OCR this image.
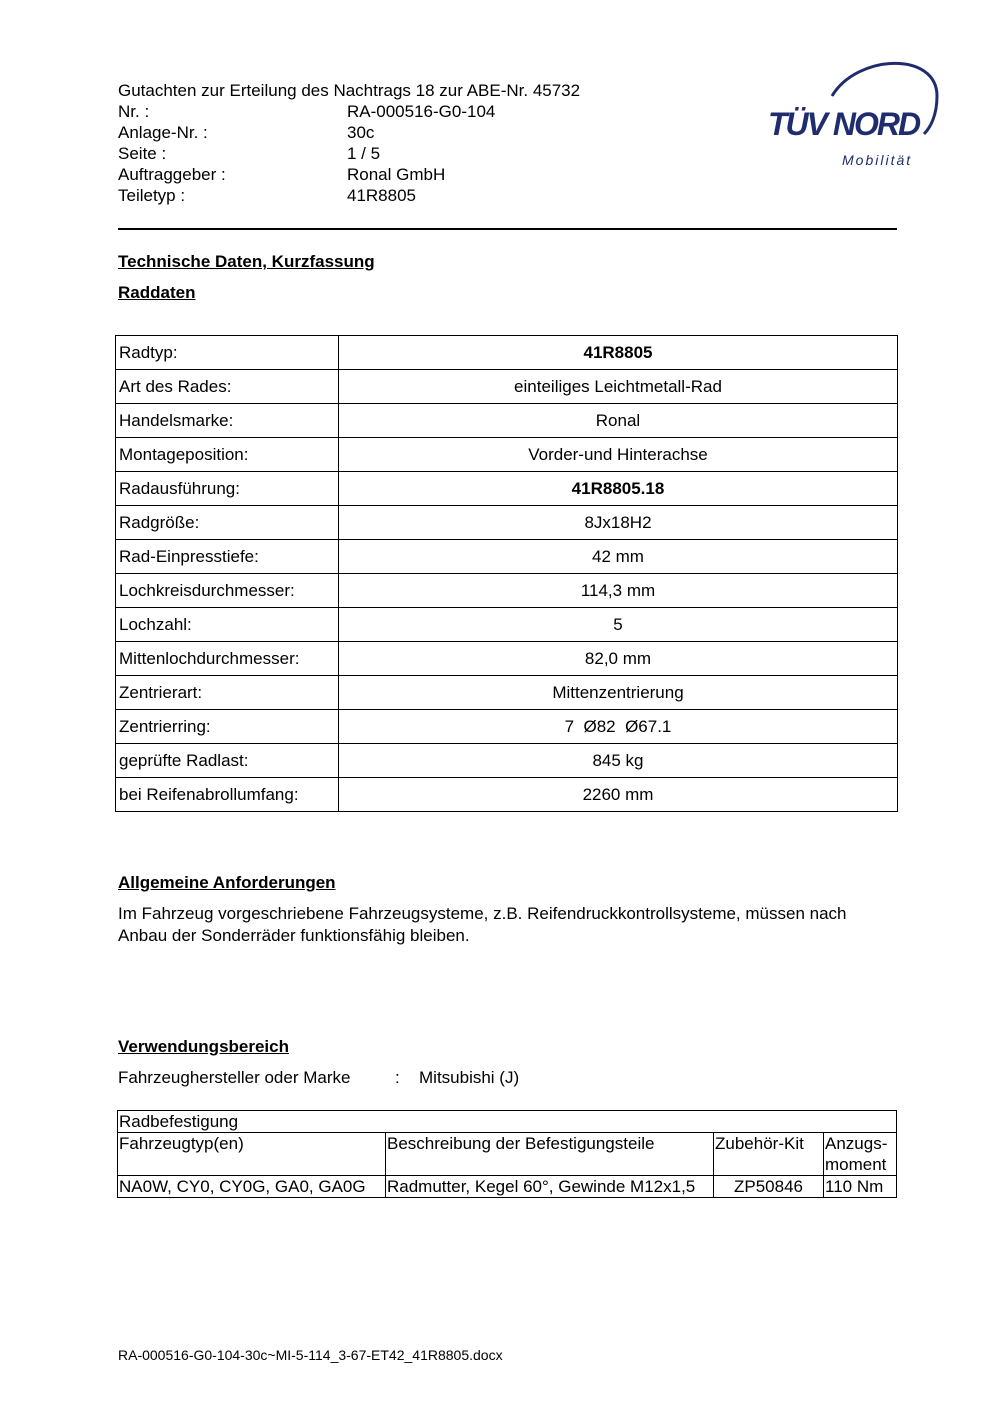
Gutachten zur Erteilung des Nachtrags 18 zur ABE-Nr. 45732
Nr. :	RA-000516-G0-104
Anlage-Nr. :	30c
Seite :	1 / 5
Auftraggeber :	Ronal GmbH
Teiletyp :	41R8805
TÜV NORD
Mobilität
Technische Daten, Kurzfassung
Raddaten
Radtyp:	41R8805
Art des Rades:	einteiliges Leichtmetall-Rad
Handelsmarke:	Ronal
Montageposition:	Vorder-und Hinterachse
Radausführung:	41R8805.18
Radgröße:	8Jx18H2
Rad-Einpresstiefe:	42 mm
Lochkreisdurchmesser:	114,3 mm
Lochzahl:	5
Mittenlochdurchmesser:	82,0 mm
Zentrierart:	Mittenzentrierung
Zentrierring:	7  Ø82  Ø67.1
geprüfte Radlast:	845 kg
bei Reifenabrollumfang:	2260 mm
Allgemeine Anforderungen
Im Fahrzeug vorgeschriebene Fahrzeugsysteme, z.B. Reifendruckkontrollsysteme, müssen nach Anbau der Sonderräder funktionsfähig bleiben.
Verwendungsbereich
Fahrzeughersteller oder Marke	:	Mitsubishi (J)
Radbefestigung			
Fahrzeugtyp(en)	Beschreibung der Befestigungsteile	Zubehör-Kit	Anzugs-moment
NA0W, CY0, CY0G, GA0, GA0G	Radmutter, Kegel 60°, Gewinde M12x1,5	ZP50846	110 Nm
RA-000516-G0-104-30c~MI-5-114_3-67-ET42_41R8805.docx
